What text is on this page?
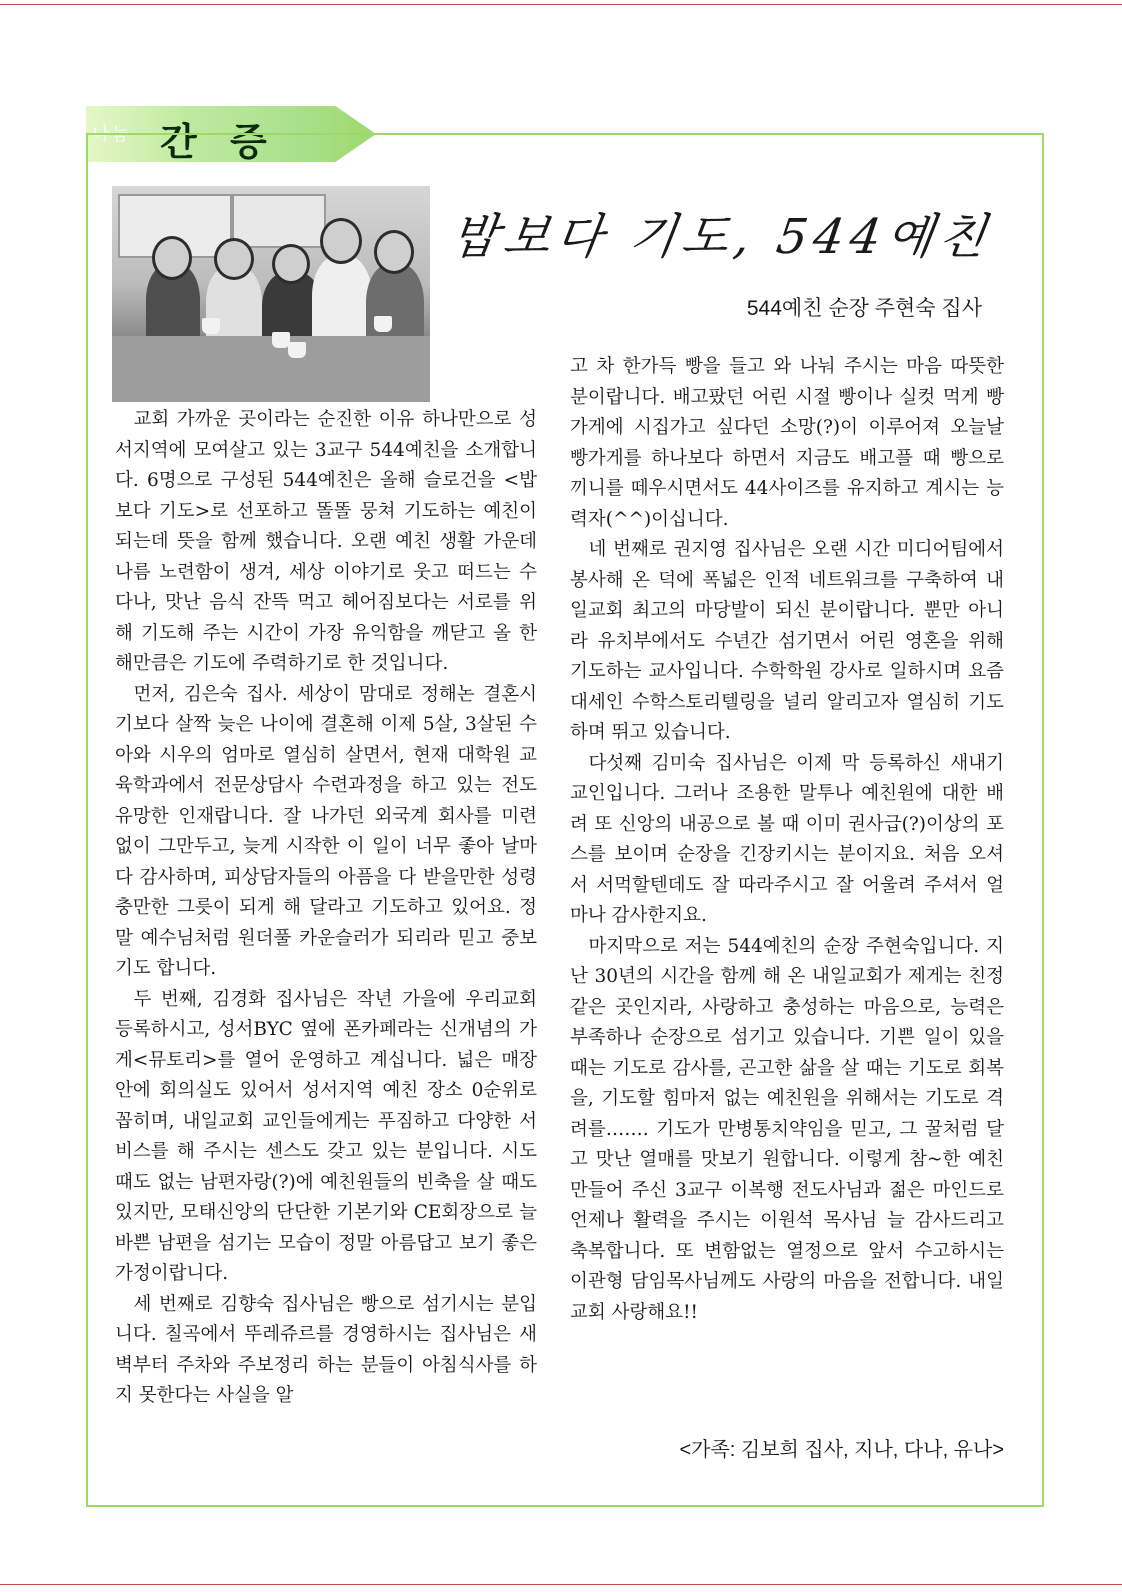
나눔 간 증
밥보다 기도, 544예친
544예친 순장 주현숙 집사

교회 가까운 곳이라는 순진한 이유 하나만으로 성서지역에 모여살고 있는 3교구 544예친을 소개합니다. 6명으로 구성된 544예친은 올해 슬로건을 <밥보다 기도>로 선포하고 똘똘 뭉쳐 기도하는 예친이 되는데 뜻을 함께 했습니다. 오랜 예친 생활 가운데 나름 노련함이 생겨, 세상 이야기로 웃고 떠드는 수다나, 맛난 음식 잔뜩 먹고 헤어짐보다는 서로를 위해 기도해 주는 시간이 가장 유익함을 깨닫고 올 한해만큼은 기도에 주력하기로 한 것입니다.

먼저, 김은숙 집사. 세상이 맘대로 정해논 결혼시기보다 살짝 늦은 나이에 결혼해 이제 5살, 3살된 수아와 시우의 엄마로 열심히 살면서, 현재 대학원 교육학과에서 전문상담사 수련과정을 하고 있는 전도유망한 인재랍니다. 잘 나가던 외국계 회사를 미련 없이 그만두고, 늦게 시작한 이 일이 너무 좋아 날마다 감사하며, 피상담자들의 아픔을 다 받을만한 성령 충만한 그릇이 되게 해 달라고 기도하고 있어요. 정말 예수님처럼 원더풀 카운슬러가 되리라 믿고 중보기도 합니다.

두 번째, 김경화 집사님은 작년 가을에 우리교회 등록하시고, 성서BYC 옆에 폰카페라는 신개념의 가게<뮤토리>를 열어 운영하고 계십니다. 넓은 매장 안에 회의실도 있어서 성서지역 예친 장소 0순위로 꼽히며, 내일교회 교인들에게는 푸짐하고 다양한 서비스를 해 주시는 센스도 갖고 있는 분입니다. 시도 때도 없는 남편자랑(?)에 예친원들의 빈축을 살 때도 있지만, 모태신앙의 단단한 기본기와 CE회장으로 늘 바쁜 남편을 섬기는 모습이 정말 아름답고 보기 좋은 가정이랍니다.

세 번째로 김향숙 집사님은 빵으로 섬기시는 분입니다. 칠곡에서 뚜레쥬르를 경영하시는 집사님은 새벽부터 주차와 주보정리 하는 분들이 아침식사를 하지 못한다는 사실을 알

고 차 한가득 빵을 들고 와 나눠 주시는 마음 따뜻한 분이랍니다. 배고팠던 어린 시절 빵이나 실컷 먹게 빵가게에 시집가고 싶다던 소망(?)이 이루어져 오늘날 빵가게를 하나보다 하면서 지금도 배고플 때 빵으로 끼니를 떼우시면서도 44사이즈를 유지하고 계시는 능력자(^^)이십니다.

네 번째로 권지영 집사님은 오랜 시간 미디어팀에서 봉사해 온 덕에 폭넓은 인적 네트워크를 구축하여 내일교회 최고의 마당발이 되신 분이랍니다. 뿐만 아니라 유치부에서도 수년간 섬기면서 어린 영혼을 위해 기도하는 교사입니다. 수학학원 강사로 일하시며 요즘 대세인 수학스토리텔링을 널리 알리고자 열심히 기도하며 뛰고 있습니다.

다섯째 김미숙 집사님은 이제 막 등록하신 새내기 교인입니다. 그러나 조용한 말투나 예친원에 대한 배려 또 신앙의 내공으로 볼 때 이미 권사급(?)이상의 포스를 보이며 순장을 긴장키시는 분이지요. 처음 오셔서 서먹할텐데도 잘 따라주시고 잘 어울려 주셔서 얼마나 감사한지요.

마지막으로 저는 544예친의 순장 주현숙입니다. 지난 30년의 시간을 함께 해 온 내일교회가 제게는 친정같은 곳인지라, 사랑하고 충성하는 마음으로, 능력은 부족하나 순장으로 섬기고 있습니다. 기쁜 일이 있을 때는 기도로 감사를, 곤고한 삶을 살 때는 기도로 회복을, 기도할 힘마저 없는 예친원을 위해서는 기도로 격려를……. 기도가 만병통치약임을 믿고, 그 꿀처럼 달고 맛난 열매를 맛보기 원합니다. 이렇게 참~한 예친 만들어 주신 3교구 이복행 전도사님과 젊은 마인드로 언제나 활력을 주시는 이원석 목사님 늘 감사드리고 축복합니다. 또 변함없는 열정으로 앞서 수고하시는 이관형 담임목사님께도 사랑의 마음을 전합니다. 내일교회 사랑해요!!

<가족: 김보희 집사, 지나, 다나, 유나>
